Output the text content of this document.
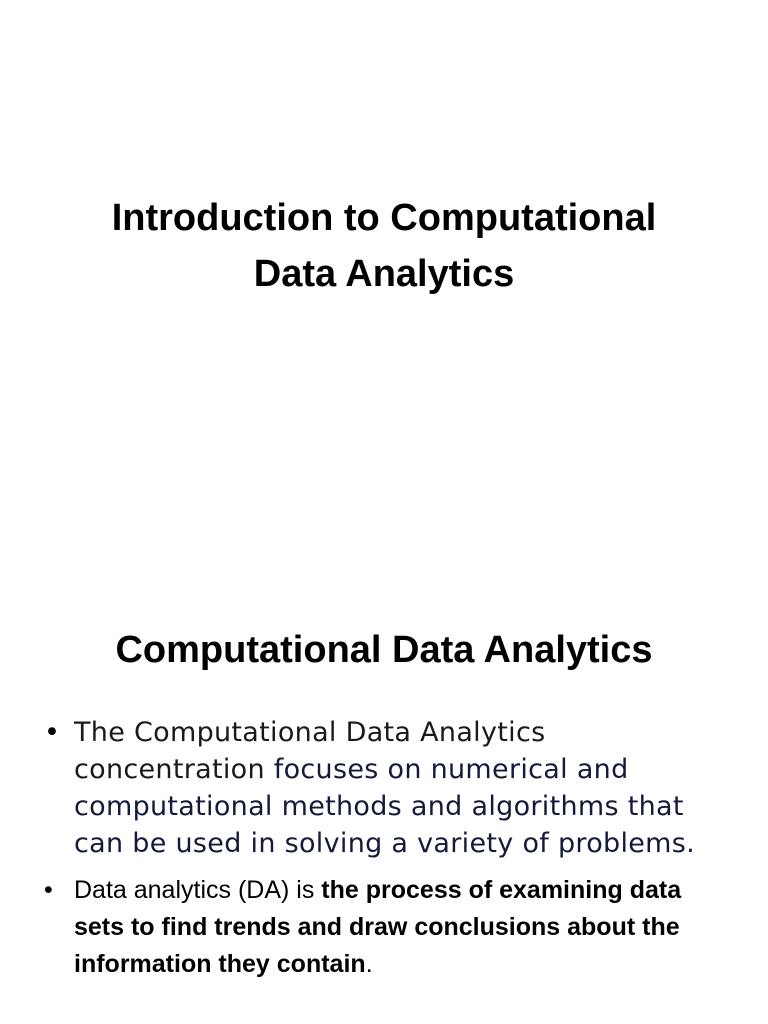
Introduction to Computational
Data Analytics
Computational Data Analytics
• The Computational Data Analytics concentration focuses on numerical and computational methods and algorithms that can be used in solving a variety of problems.
• Data analytics (DA) is the process of examining data sets to find trends and draw conclusions about the information they contain.
